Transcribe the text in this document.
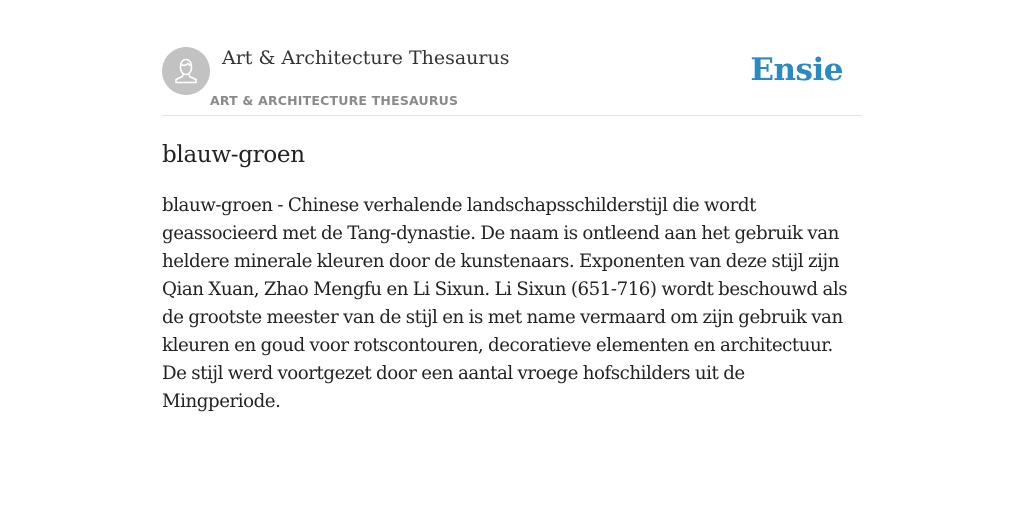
Art & Architecture Thesaurus
ART & ARCHITECTURE THESAURUS
Ensie
blauw-groen

blauw-groen - Chinese verhalende landschapsschilderstijl die wordt geassocieerd met de Tang-dynastie. De naam is ontleend aan het gebruik van heldere minerale kleuren door de kunstenaars. Exponenten van deze stijl zijn Qian Xuan, Zhao Mengfu en Li Sixun. Li Sixun (651-716) wordt beschouwd als de grootste meester van de stijl en is met name vermaard om zijn gebruik van kleuren en goud voor rotscontouren, decoratieve elementen en architectuur. De stijl werd voortgezet door een aantal vroege hofschilders uit de Mingperiode.
